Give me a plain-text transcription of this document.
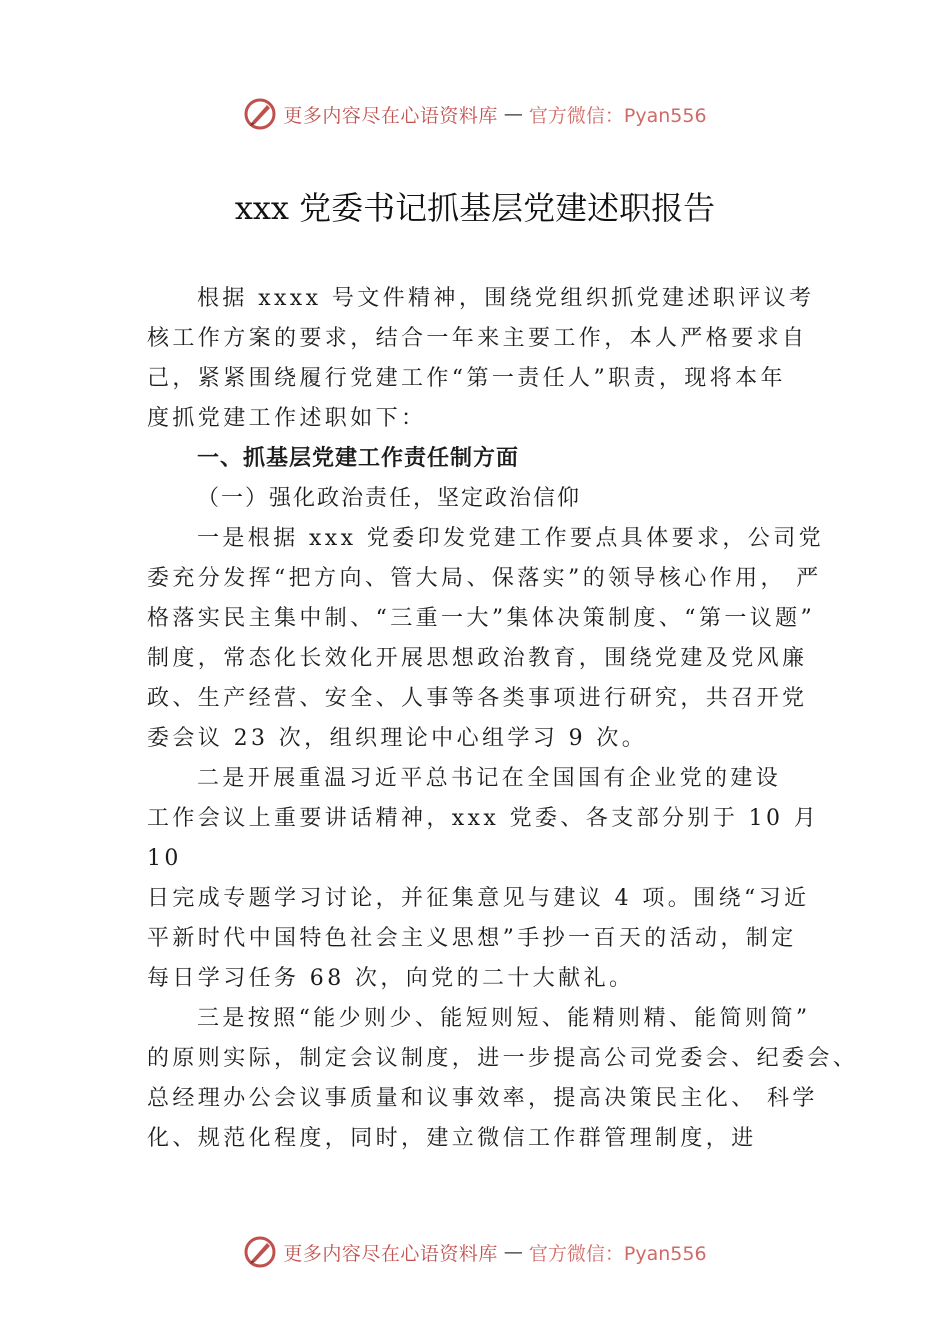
更多内容尽在心语资料库 — 官方微信：Pyan556
xxx 党委书记抓基层党建述职报告
根据 xxxx 号文件精神，围绕党组织抓党建述职评议考
核工作方案的要求，结合一年来主要工作，本人严格要求自
己，紧紧围绕履行党建工作“第一责任人”职责，现将本年
度抓党建工作述职如下：
一、抓基层党建工作责任制方面
（一）强化政治责任，坚定政治信仰
一是根据 xxx 党委印发党建工作要点具体要求，公司党
委充分发挥“把方向、管大局、保落实”的领导核心作用， 严
格落实民主集中制、“三重一大”集体决策制度、“第一议题”
制度，常态化长效化开展思想政治教育，围绕党建及党风廉
政、生产经营、安全、人事等各类事项进行研究，共召开党
委会议 23 次，组织理论中心组学习 9 次。
二是开展重温习近平总书记在全国国有企业党的建设
工作会议上重要讲话精神，xxx 党委、各支部分别于 10 月
10
日完成专题学习讨论，并征集意见与建议 4 项。围绕“习近
平新时代中国特色社会主义思想”手抄一百天的活动，制定
每日学习任务 68 次，向党的二十大献礼。
三是按照“能少则少、能短则短、能精则精、能简则简”
的原则实际，制定会议制度，进一步提高公司党委会、纪委会、
总经理办公会议事质量和议事效率，提高决策民主化、 科学
化、规范化程度，同时，建立微信工作群管理制度，进
更多内容尽在心语资料库 — 官方微信：Pyan556
